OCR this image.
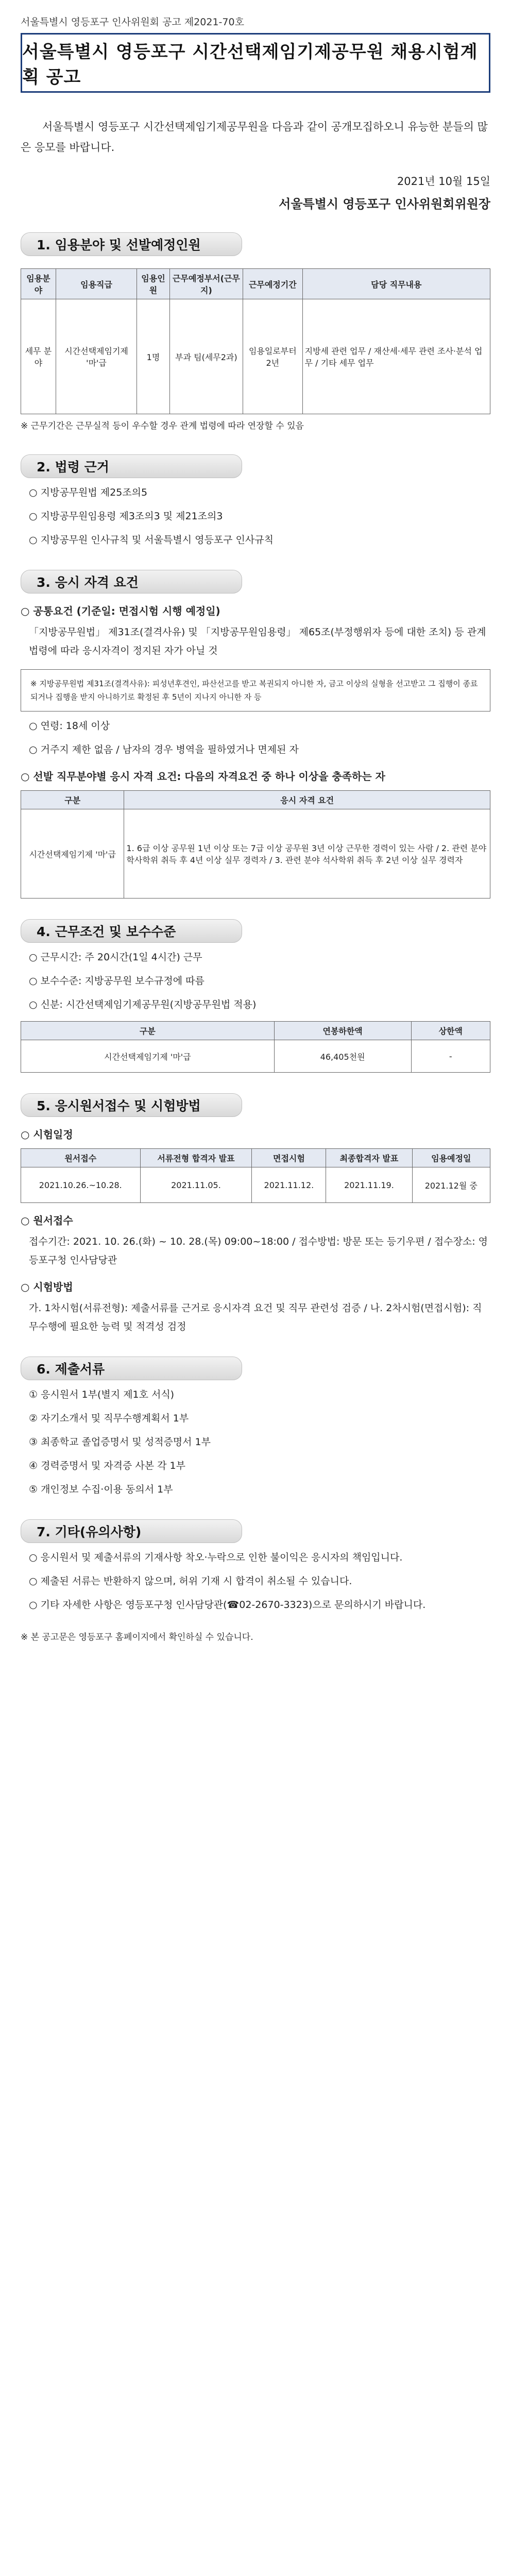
서울특별시 영등포구 인사위원회 공고 제2021-70호
서울특별시 영등포구 시간선택제임기제공무원 채용시험계획 공고
서울특별시 영등포구 시간선택제임기제공무원을 다음과 같이 공개모집하오니 유능한 분들의 많은 응모를 바랍니다.
2021년 10월 15일
서울특별시 영등포구 인사위원회위원장
1. 임용분야 및 선발예정인원
임용분야	임용직급	임용인원	근무예정부서(근무지)	근무예정기간	담당 직무내용
세무 분야	시간선택제임기제 '마'급	1명	부과 팀(세무2과)	임용일로부터 2년	지방세 관련 업무 / 재산세·세무 관련 조사·분석 업무 / 기타 세무 업무
※ 근무기간은 근무실적 등이 우수할 경우 관계 법령에 따라 연장할 수 있음
2. 법령 근거
○ 지방공무원법 제25조의5
○ 지방공무원임용령 제3조의3 및 제21조의3
○ 지방공무원 인사규칙 및 서울특별시 영등포구 인사규칙
3. 응시 자격 요건
○ 공통요건 (기준일: 면접시험 시행 예정일)
「지방공무원법」 제31조(결격사유) 및 「지방공무원임용령」 제65조(부정행위자 등에 대한 조치) 등 관계법령에 따라 응시자격이 정지된 자가 아닐 것
※ 지방공무원법 제31조(결격사유): 피성년후견인, 파산선고를 받고 복권되지 아니한 자, 금고 이상의 실형을 선고받고 그 집행이 종료되거나 집행을 받지 아니하기로 확정된 후 5년이 지나지 아니한 자 등
○ 연령: 18세 이상
○ 거주지 제한 없음 / 남자의 경우 병역을 필하였거나 면제된 자
○ 선발 직무분야별 응시 자격 요건: 다음의 자격요건 중 하나 이상을 충족하는 자
구분	응시 자격 요건
시간선택제임기제 '마'급	1. 6급 이상 공무원 1년 이상 또는 7급 이상 공무원 3년 이상 근무한 경력이 있는 사람 / 2. 관련 분야 학사학위 취득 후 4년 이상 실무 경력자 / 3. 관련 분야 석사학위 취득 후 2년 이상 실무 경력자
4. 근무조건 및 보수수준
○ 근무시간: 주 20시간(1일 4시간) 근무
○ 보수수준: 지방공무원 보수규정에 따름
○ 신분: 시간선택제임기제공무원(지방공무원법 적용)
구분	연봉하한액	상한액
시간선택제임기제 '마'급	46,405천원	-
5. 응시원서접수 및 시험방법
○ 시험일정
원서접수	서류전형 합격자 발표	면접시험	최종합격자 발표	임용예정일
2021.10.26.~10.28.	2021.11.05.	2021.11.12.	2021.11.19.	2021.12월 중
○ 원서접수
접수기간: 2021. 10. 26.(화) ~ 10. 28.(목) 09:00~18:00 / 접수방법: 방문 또는 등기우편 / 접수장소: 영등포구청 인사담당관
○ 시험방법
가. 1차시험(서류전형): 제출서류를 근거로 응시자격 요건 및 직무 관련성 검증 / 나. 2차시험(면접시험): 직무수행에 필요한 능력 및 적격성 검정
6. 제출서류
① 응시원서 1부(별지 제1호 서식)
② 자기소개서 및 직무수행계획서 1부
③ 최종학교 졸업증명서 및 성적증명서 1부
④ 경력증명서 및 자격증 사본 각 1부
⑤ 개인정보 수집·이용 동의서 1부
7. 기타(유의사항)
○ 응시원서 및 제출서류의 기재사항 착오·누락으로 인한 불이익은 응시자의 책임입니다.
○ 제출된 서류는 반환하지 않으며, 허위 기재 시 합격이 취소될 수 있습니다.
○ 기타 자세한 사항은 영등포구청 인사담당관(☎02-2670-3323)으로 문의하시기 바랍니다.
※ 본 공고문은 영등포구 홈페이지에서 확인하실 수 있습니다.
